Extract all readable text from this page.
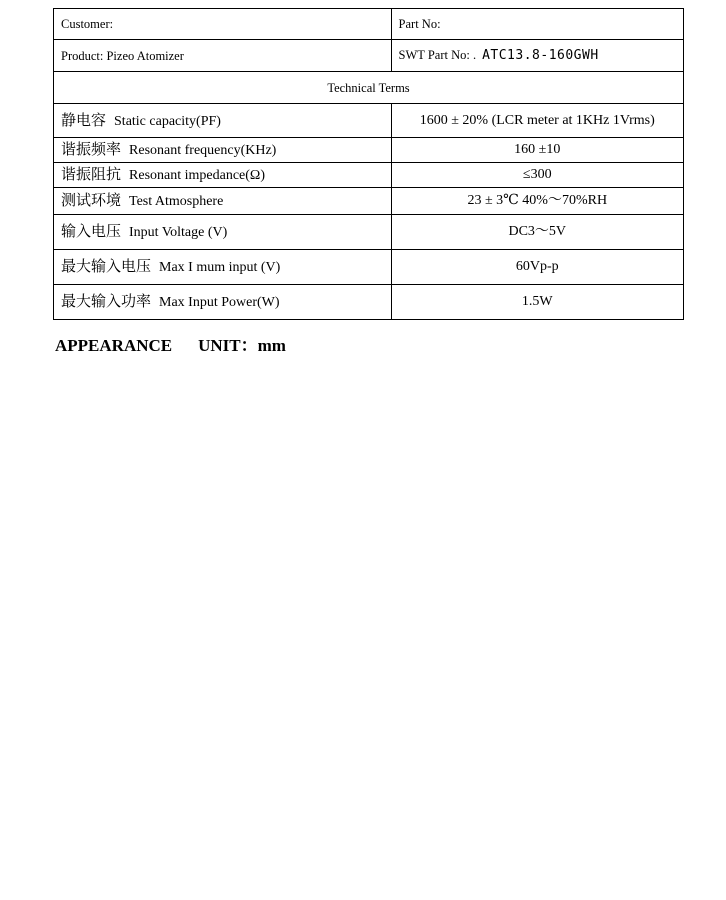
Customer:	Part No:
Product: Pizeo Atomizer	SWT Part No: . ATC13.8-160GWH
Technical Terms	
静电容 Static capacity(PF)	1600 ± 20% (LCR meter at 1KHz 1Vrms)
谐振频率 Resonant frequency(KHz)	160 ±10
谐振阻抗 Resonant impedance(Ω)	≤300
测试环境 Test Atmosphere	23 ± 3℃ 40%～70%RH
输入电压 Input Voltage (V)	DC3～5V
最大输入电压 Max I mum input (V)	60Vp-p
最大输入功率 Max Input Power(W)	1.5W
APPEARANCE UNIT：mm
